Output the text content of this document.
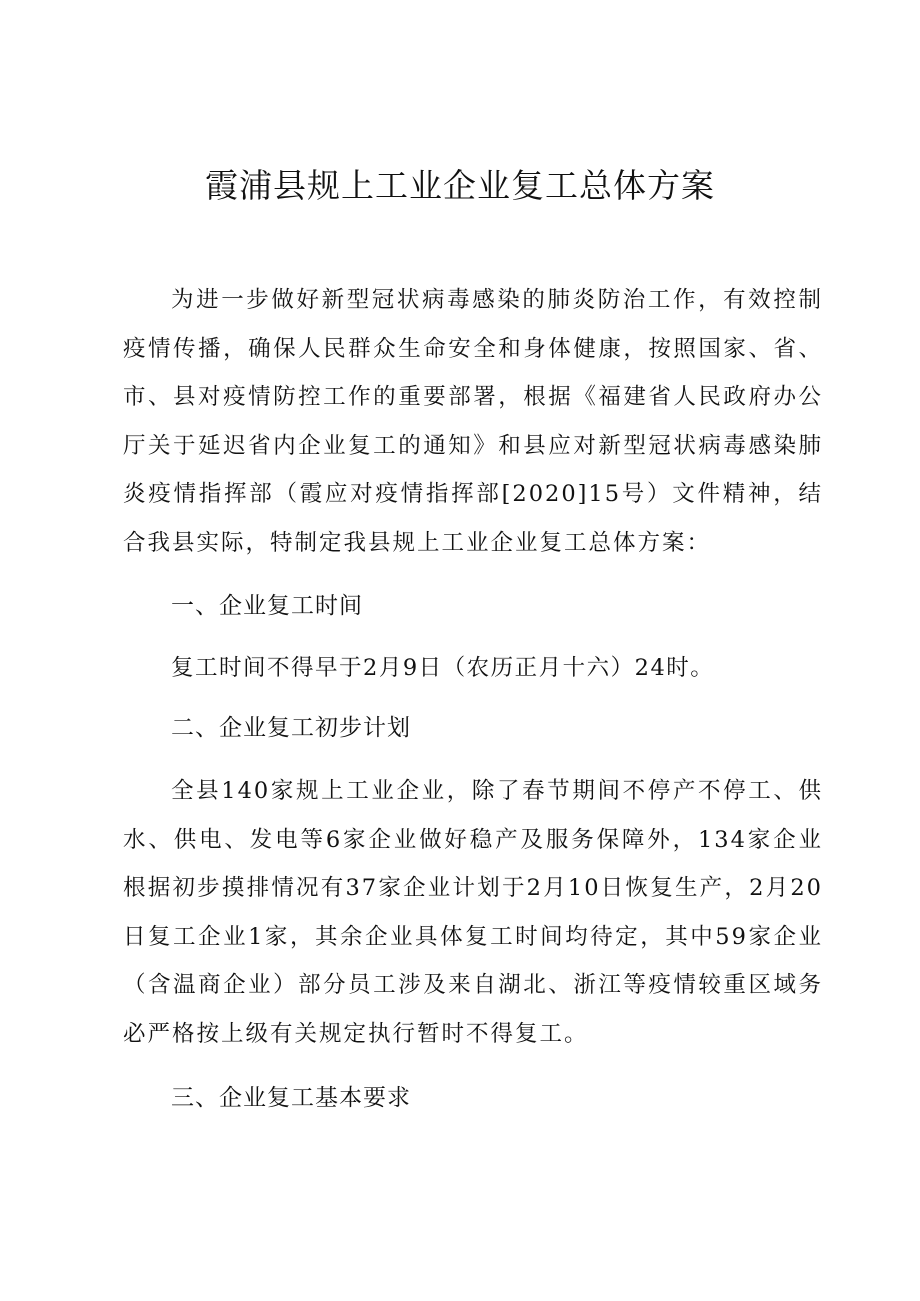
霞浦县规上工业企业复工总体方案

为进一步做好新型冠状病毒感染的肺炎防治工作，有效控制疫情传播，确保人民群众生命安全和身体健康，按照国家、省、市、县对疫情防控工作的重要部署，根据《福建省人民政府办公厅关于延迟省内企业复工的通知》和县应对新型冠状病毒感染肺炎疫情指挥部（霞应对疫情指挥部[2020]15号）文件精神，结合我县实际，特制定我县规上工业企业复工总体方案：

一、企业复工时间
复工时间不得早于2月9日（农历正月十六）24时。
二、企业复工初步计划

全县140家规上工业企业，除了春节期间不停产不停工、供水、供电、发电等6家企业做好稳产及服务保障外，134家企业根据初步摸排情况有37家企业计划于2月10日恢复生产，2月20日复工企业1家，其余企业具体复工时间均待定，其中59家企业（含温商企业）部分员工涉及来自湖北、浙江等疫情较重区域务必严格按上级有关规定执行暂时不得复工。

三、企业复工基本要求
